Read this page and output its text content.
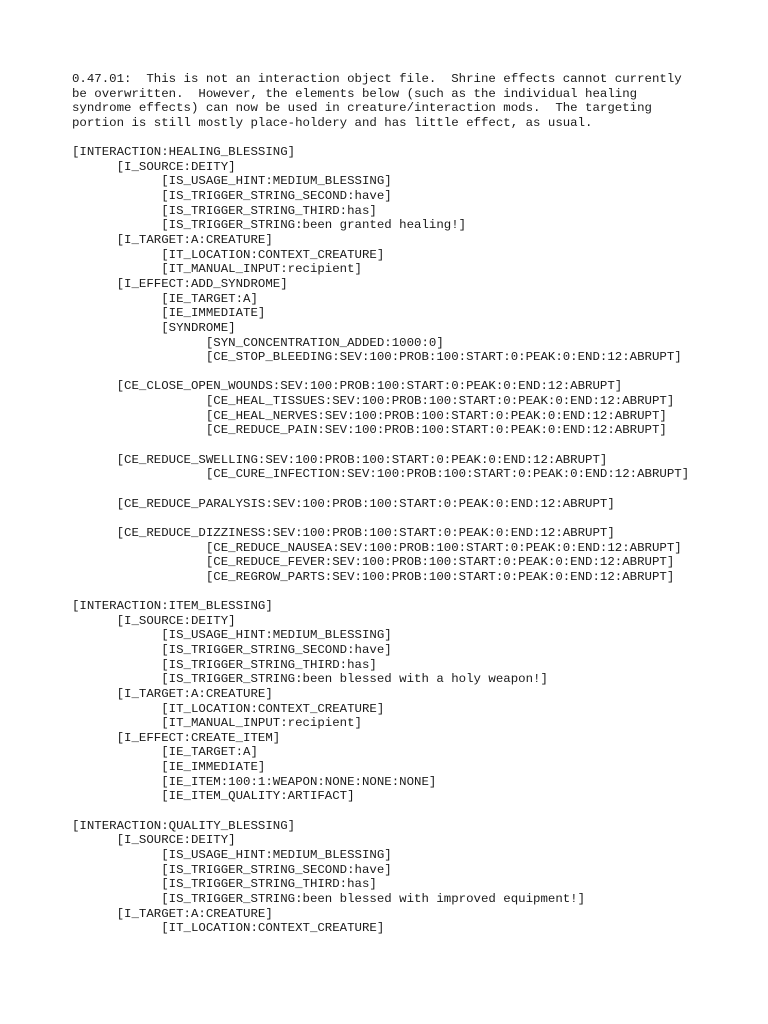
0.47.01:  This is not an interaction object file.  Shrine effects cannot currently
be overwritten.  However, the elements below (such as the individual healing
syndrome effects) can now be used in creature/interaction mods.  The targeting
portion is still mostly place-holdery and has little effect, as usual.
[INTERACTION:HEALING_BLESSING]
[I_SOURCE:DEITY]
[IS_USAGE_HINT:MEDIUM_BLESSING]
[IS_TRIGGER_STRING_SECOND:have]
[IS_TRIGGER_STRING_THIRD:has]
[IS_TRIGGER_STRING:been granted healing!]
[I_TARGET:A:CREATURE]
[IT_LOCATION:CONTEXT_CREATURE]
[IT_MANUAL_INPUT:recipient]
[I_EFFECT:ADD_SYNDROME]
[IE_TARGET:A]
[IE_IMMEDIATE]
[SYNDROME]
[SYN_CONCENTRATION_ADDED:1000:0]
[CE_STOP_BLEEDING:SEV:100:PROB:100:START:0:PEAK:0:END:12:ABRUPT]
[CE_CLOSE_OPEN_WOUNDS:SEV:100:PROB:100:START:0:PEAK:0:END:12:ABRUPT]
[CE_HEAL_TISSUES:SEV:100:PROB:100:START:0:PEAK:0:END:12:ABRUPT]
[CE_HEAL_NERVES:SEV:100:PROB:100:START:0:PEAK:0:END:12:ABRUPT]
[CE_REDUCE_PAIN:SEV:100:PROB:100:START:0:PEAK:0:END:12:ABRUPT]
[CE_REDUCE_SWELLING:SEV:100:PROB:100:START:0:PEAK:0:END:12:ABRUPT]
[CE_CURE_INFECTION:SEV:100:PROB:100:START:0:PEAK:0:END:12:ABRUPT]
[CE_REDUCE_PARALYSIS:SEV:100:PROB:100:START:0:PEAK:0:END:12:ABRUPT]
[CE_REDUCE_DIZZINESS:SEV:100:PROB:100:START:0:PEAK:0:END:12:ABRUPT]
[CE_REDUCE_NAUSEA:SEV:100:PROB:100:START:0:PEAK:0:END:12:ABRUPT]
[CE_REDUCE_FEVER:SEV:100:PROB:100:START:0:PEAK:0:END:12:ABRUPT]
[CE_REGROW_PARTS:SEV:100:PROB:100:START:0:PEAK:0:END:12:ABRUPT]
[INTERACTION:ITEM_BLESSING]
[I_SOURCE:DEITY]
[IS_USAGE_HINT:MEDIUM_BLESSING]
[IS_TRIGGER_STRING_SECOND:have]
[IS_TRIGGER_STRING_THIRD:has]
[IS_TRIGGER_STRING:been blessed with a holy weapon!]
[I_TARGET:A:CREATURE]
[IT_LOCATION:CONTEXT_CREATURE]
[IT_MANUAL_INPUT:recipient]
[I_EFFECT:CREATE_ITEM]
[IE_TARGET:A]
[IE_IMMEDIATE]
[IE_ITEM:100:1:WEAPON:NONE:NONE:NONE]
[IE_ITEM_QUALITY:ARTIFACT]
[INTERACTION:QUALITY_BLESSING]
[I_SOURCE:DEITY]
[IS_USAGE_HINT:MEDIUM_BLESSING]
[IS_TRIGGER_STRING_SECOND:have]
[IS_TRIGGER_STRING_THIRD:has]
[IS_TRIGGER_STRING:been blessed with improved equipment!]
[I_TARGET:A:CREATURE]
[IT_LOCATION:CONTEXT_CREATURE]
